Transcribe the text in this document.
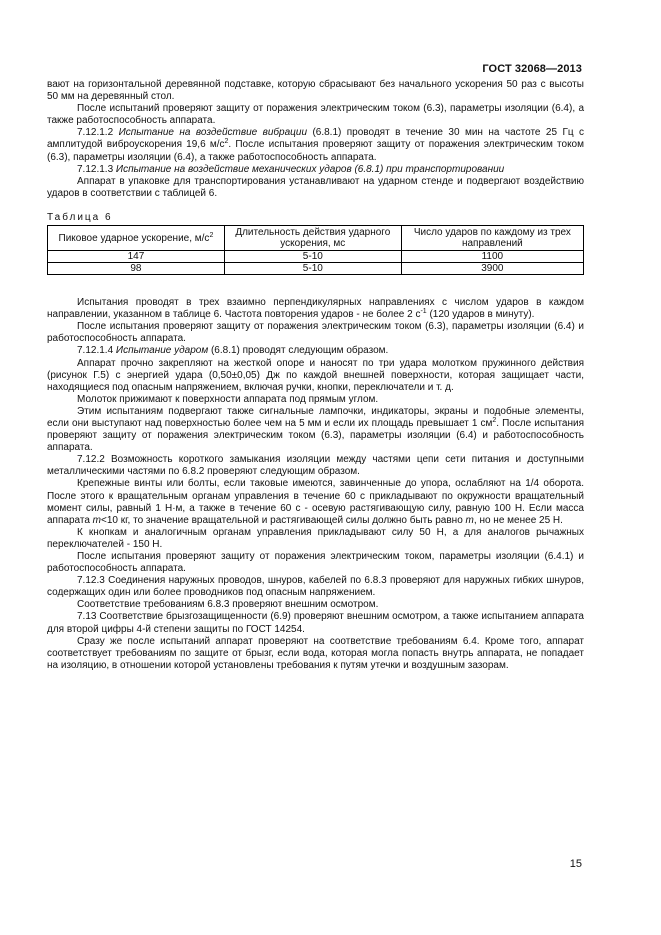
ГОСТ 32068—2013

вают на горизонтальной деревянной подставке, которую сбрасывают без начального ускорения 50 раз с высоты 50 мм на деревянный стол.

После испытаний проверяют защиту от поражения электрическим током (6.3), параметры изоляции (6.4), а также работоспособность аппарата.

7.12.1.2 Испытание на воздействие вибрации (6.8.1) проводят в течение 30 мин на частоте 25 Гц с амплитудой виброускорения 19,6 $м/с^2$. После испытания проверяют защиту от поражения электрическим током (6.3), параметры изоляции (6.4), а также работоспособность аппарата.

7.12.1.3 Испытание на воздействие механических ударов (6.8.1) при транспортировании

Аппарат в упаковке для транспортирования устанавливают на ударном стенде и подвергают воздействию ударов в соответствии с таблицей 6.

Таблица 6

Пиковое ударное ускорение, $м/с^2$	Длительность действия ударного ускорения, мс	Число ударов по каждому из трех направлений
147	5-10	1100
98	5-10	3900

Испытания проводят в трех взаимно перпендикулярных направлениях с числом ударов в каждом направлении, указанном в таблице 6. Частота повторения ударов - не более 2 $с^{-1}$ (120 ударов в минуту).

После испытания проверяют защиту от поражения электрическим током (6.3), параметры изоляции (6.4) и работоспособность аппарата.

7.12.1.4 Испытание ударом (6.8.1) проводят следующим образом.

Аппарат прочно закрепляют на жесткой опоре и наносят по три удара молотком пружинного действия (рисунок Г.5) с энергией удара (0,50±0,05) Дж по каждой внешней поверхности, которая защищает части, находящиеся под опасным напряжением, включая ручки, кнопки, переключатели и т. д.

Молоток прижимают к поверхности аппарата под прямым углом.

Этим испытаниям подвергают также сигнальные лампочки, индикаторы, экраны и подобные элементы, если они выступают над поверхностью более чем на 5 мм и если их площадь превышает 1 $см^2$. После испытания проверяют защиту от поражения электрическим током (6.3), параметры изоляции (6.4) и работоспособность аппарата.

7.12.2 Возможность короткого замыкания изоляции между частями цепи сети питания и доступными металлическими частями по 6.8.2 проверяют следующим образом.

Крепежные винты или болты, если таковые имеются, завинченные до упора, ослабляют на 1/4 оборота. После этого к вращательным органам управления в течение 60 с прикладывают по окружности вращательный момент силы, равный 1 Н·м, а также в течение 60 с - осевую растягивающую силу, равную 100 Н. Если масса аппарата m<10 кг, то значение вращательной и растягивающей силы должно быть равно m, но не менее 25 Н.

К кнопкам и аналогичным органам управления прикладывают силу 50 Н, а для аналогов рычажных переключателей - 150 Н.

После испытания проверяют защиту от поражения электрическим током, параметры изоляции (6.4.1) и работоспособность аппарата.

7.12.3 Соединения наружных проводов, шнуров, кабелей по 6.8.3 проверяют для наружных гибких шнуров, содержащих один или более проводников под опасным напряжением.

Соответствие требованиям 6.8.3 проверяют внешним осмотром.

7.13 Соответствие брызгозащищенности (6.9) проверяют внешним осмотром, а также испытанием аппарата для второй цифры 4-й степени защиты по ГОСТ 14254.

Сразу же после испытаний аппарат проверяют на соответствие требованиям 6.4. Кроме того, аппарат соответствует требованиям по защите от брызг, если вода, которая могла попасть внутрь аппарата, не попадает на изоляцию, в отношении которой установлены требования к путям утечки и воздушным зазорам.

15
